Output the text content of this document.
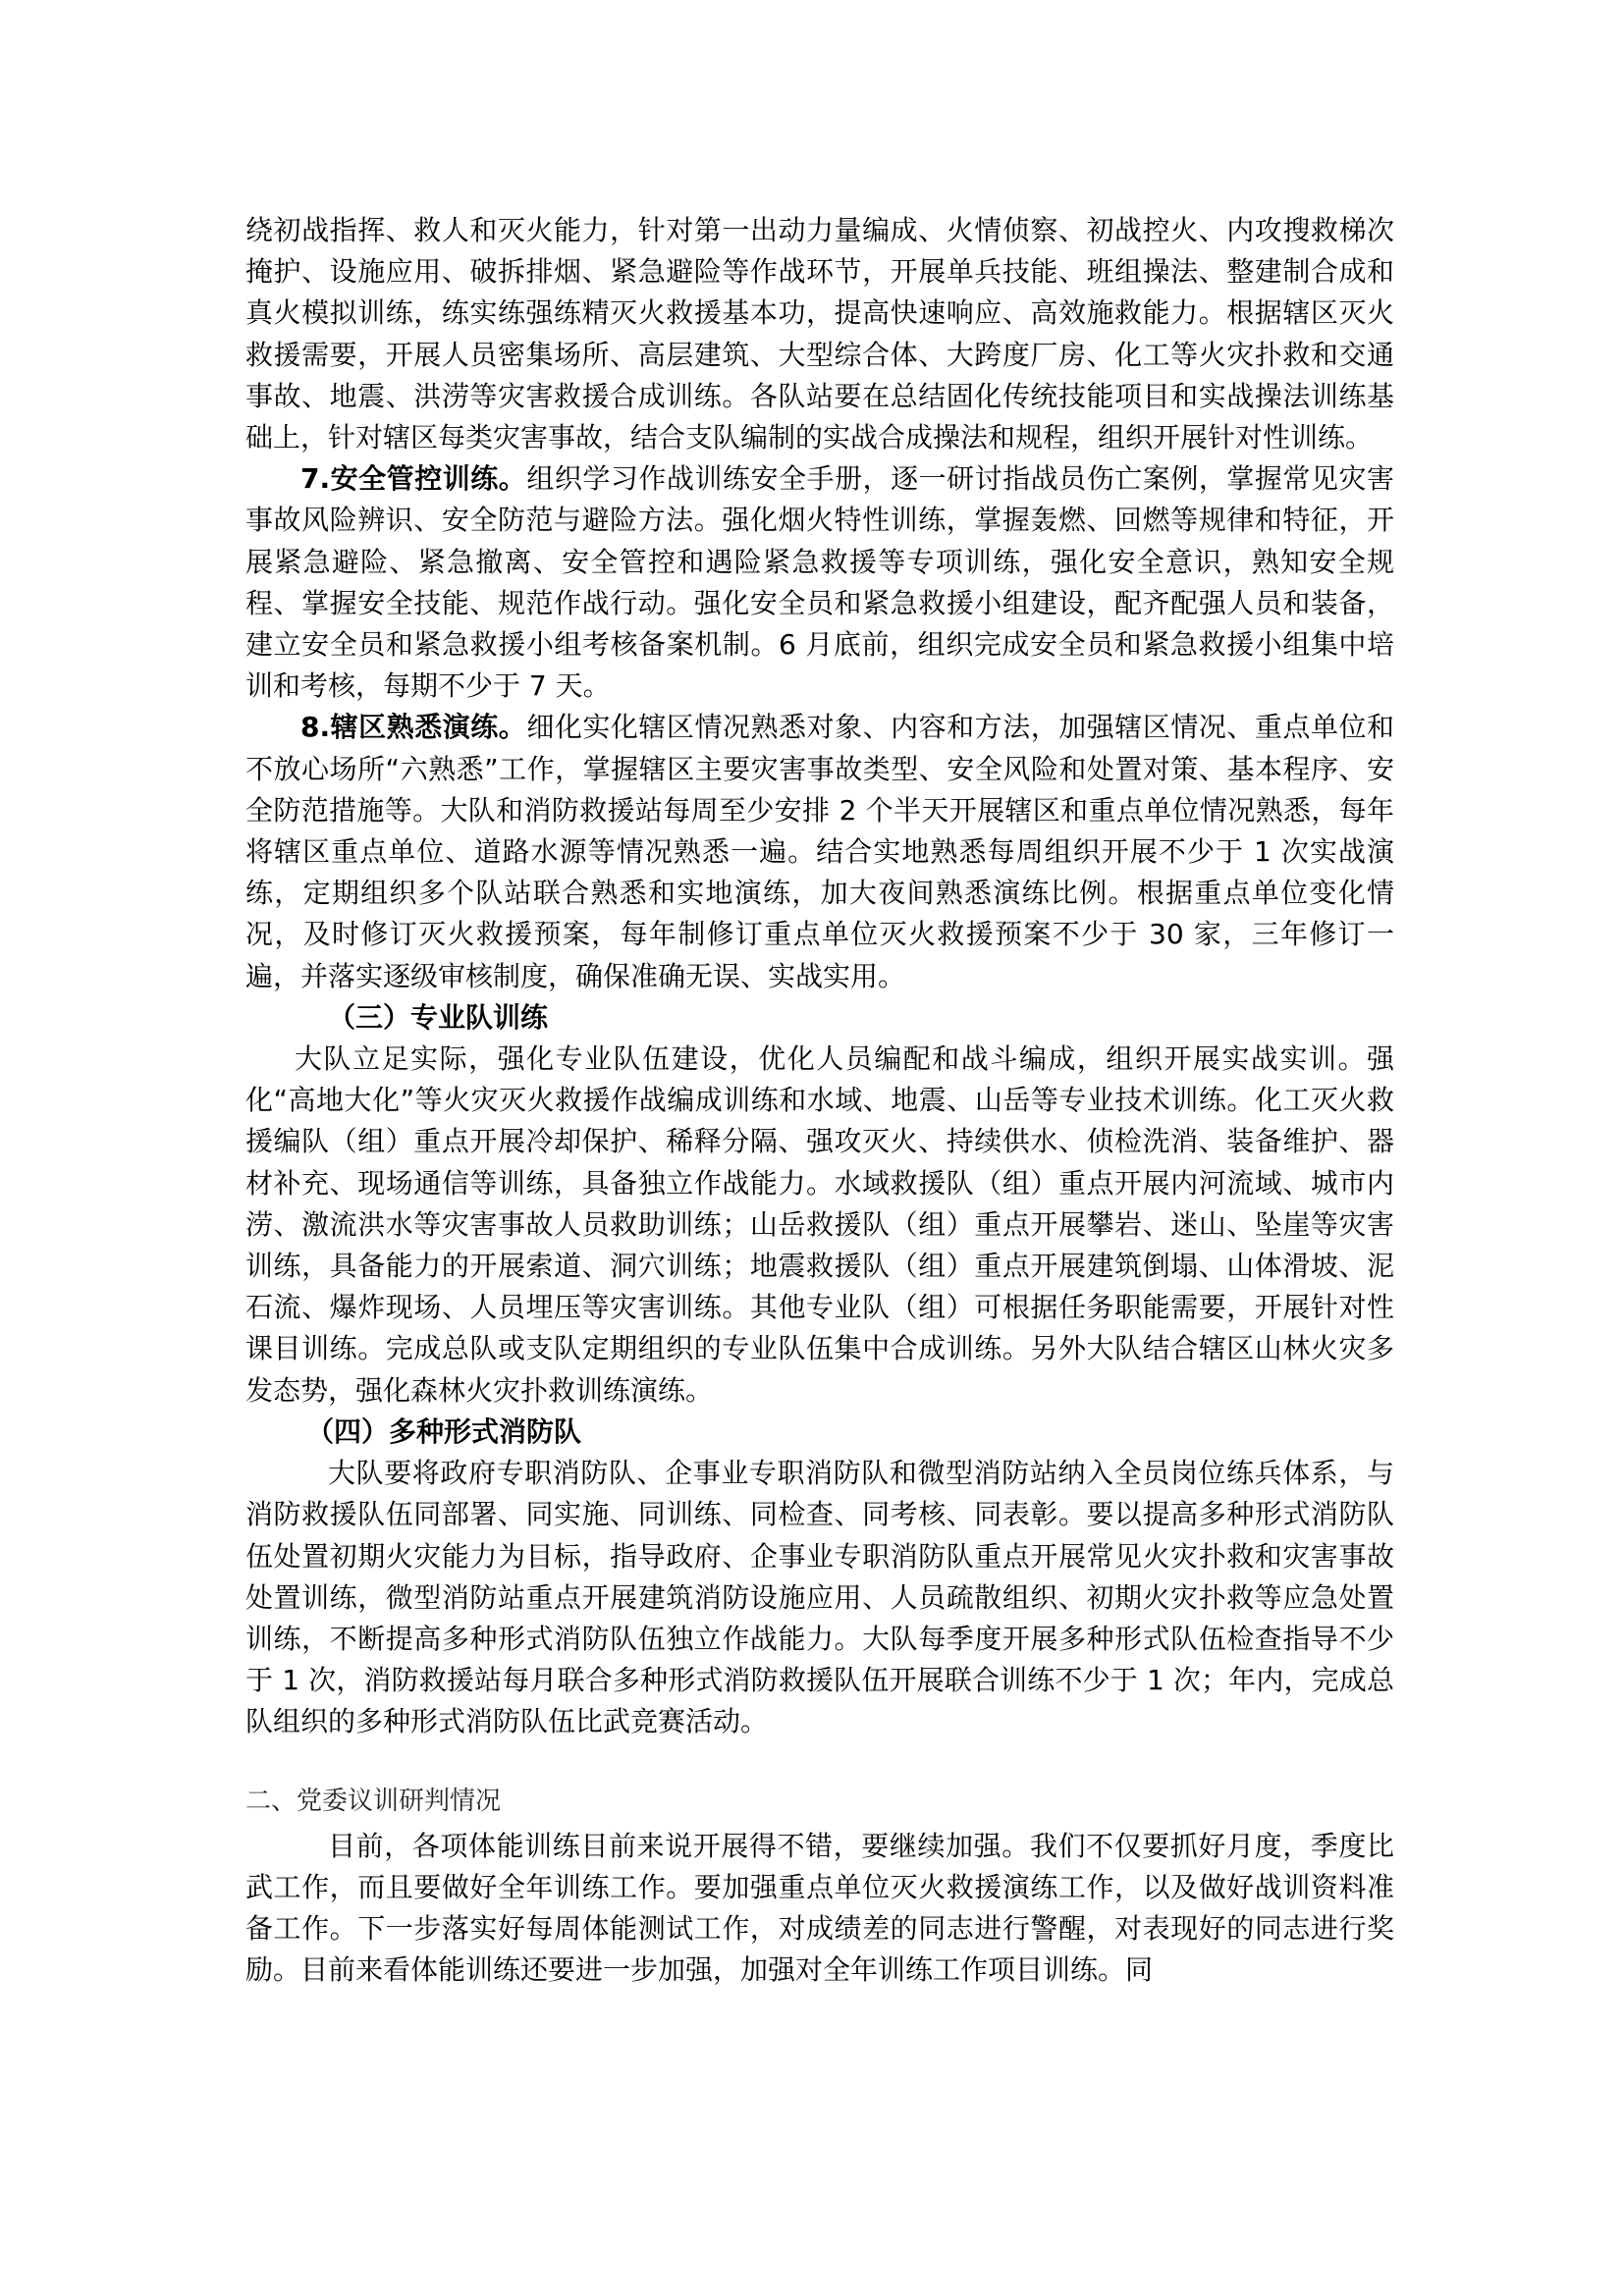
绕初战指挥、救人和灭火能力，针对第一出动力量编成、火情侦察、初战控火、内攻搜救梯次掩护、设施应用、破拆排烟、紧急避险等作战环节，开展单兵技能、班组操法、整建制合成和真火模拟训练，练实练强练精灭火救援基本功，提高快速响应、高效施救能力。根据辖区灭火救援需要，开展人员密集场所、高层建筑、大型综合体、大跨度厂房、化工等火灾扑救和交通事故、地震、洪涝等灾害救援合成训练。各队站要在总结固化传统技能项目和实战操法训练基础上，针对辖区每类灾害事故，结合支队编制的实战合成操法和规程，组织开展针对性训练。

7.安全管控训练。组织学习作战训练安全手册，逐一研讨指战员伤亡案例，掌握常见灾害事故风险辨识、安全防范与避险方法。强化烟火特性训练，掌握轰燃、回燃等规律和特征，开展紧急避险、紧急撤离、安全管控和遇险紧急救援等专项训练，强化安全意识，熟知安全规程、掌握安全技能、规范作战行动。强化安全员和紧急救援小组建设，配齐配强人员和装备，建立安全员和紧急救援小组考核备案机制。6 月底前，组织完成安全员和紧急救援小组集中培训和考核，每期不少于 7 天。

8.辖区熟悉演练。细化实化辖区情况熟悉对象、内容和方法，加强辖区情况、重点单位和不放心场所“六熟悉”工作，掌握辖区主要灾害事故类型、安全风险和处置对策、基本程序、安全防范措施等。大队和消防救援站每周至少安排 2 个半天开展辖区和重点单位情况熟悉，每年将辖区重点单位、道路水源等情况熟悉一遍。结合实地熟悉每周组织开展不少于 1 次实战演练，定期组织多个队站联合熟悉和实地演练，加大夜间熟悉演练比例。根据重点单位变化情况，及时修订灭火救援预案，每年制修订重点单位灭火救援预案不少于 30 家，三年修订一遍，并落实逐级审核制度，确保准确无误、实战实用。

（三）专业队训练

大队立足实际，强化专业队伍建设，优化人员编配和战斗编成，组织开展实战实训。强化“高地大化”等火灾灭火救援作战编成训练和水域、地震、山岳等专业技术训练。化工灭火救援编队（组）重点开展冷却保护、稀释分隔、强攻灭火、持续供水、侦检洗消、装备维护、器材补充、现场通信等训练，具备独立作战能力。水域救援队（组）重点开展内河流域、城市内涝、激流洪水等灾害事故人员救助训练；山岳救援队（组）重点开展攀岩、迷山、坠崖等灾害训练，具备能力的开展索道、洞穴训练；地震救援队（组）重点开展建筑倒塌、山体滑坡、泥石流、爆炸现场、人员埋压等灾害训练。其他专业队（组）可根据任务职能需要，开展针对性课目训练。完成总队或支队定期组织的专业队伍集中合成训练。另外大队结合辖区山林火灾多发态势，强化森林火灾扑救训练演练。

（四）多种形式消防队

大队要将政府专职消防队、企事业专职消防队和微型消防站纳入全员岗位练兵体系，与消防救援队伍同部署、同实施、同训练、同检查、同考核、同表彰。要以提高多种形式消防队伍处置初期火灾能力为目标，指导政府、企事业专职消防队重点开展常见火灾扑救和灾害事故处置训练，微型消防站重点开展建筑消防设施应用、人员疏散组织、初期火灾扑救等应急处置训练，不断提高多种形式消防队伍独立作战能力。大队每季度开展多种形式队伍检查指导不少于 1 次，消防救援站每月联合多种形式消防救援队伍开展联合训练不少于 1 次；年内，完成总队组织的多种形式消防队伍比武竞赛活动。

二、党委议训研判情况

目前，各项体能训练目前来说开展得不错，要继续加强。我们不仅要抓好月度，季度比武工作，而且要做好全年训练工作。要加强重点单位灭火救援演练工作，以及做好战训资料准备工作。下一步落实好每周体能测试工作，对成绩差的同志进行警醒，对表现好的同志进行奖励。目前来看体能训练还要进一步加强，加强对全年训练工作项目训练。同
